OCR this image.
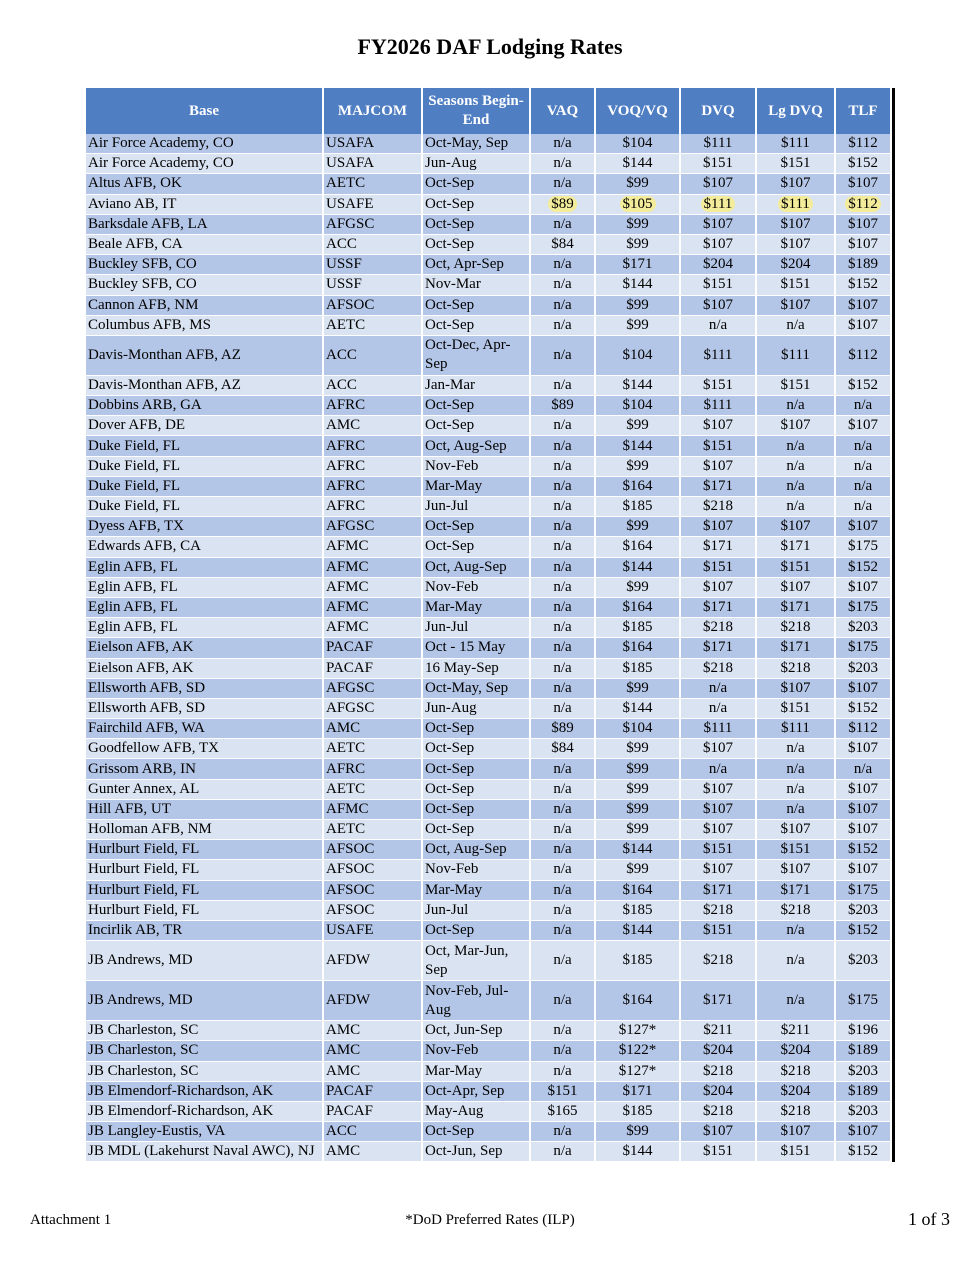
FY2026 DAF Lodging Rates
Base	MAJCOM	Seasons Begin-End	VAQ	VOQ/VQ	DVQ	Lg DVQ	TLF
Air Force Academy, CO	USAFA	Oct-May, Sep	n/a	$104	$111	$111	$112
Air Force Academy, CO	USAFA	Jun-Aug	n/a	$144	$151	$151	$152
Altus AFB, OK	AETC	Oct-Sep	n/a	$99	$107	$107	$107
Aviano AB, IT	USAFE	Oct-Sep	$89	$105	$111	$111	$112
Barksdale AFB, LA	AFGSC	Oct-Sep	n/a	$99	$107	$107	$107
Beale AFB, CA	ACC	Oct-Sep	$84	$99	$107	$107	$107
Buckley SFB, CO	USSF	Oct, Apr-Sep	n/a	$171	$204	$204	$189
Buckley SFB, CO	USSF	Nov-Mar	n/a	$144	$151	$151	$152
Cannon AFB, NM	AFSOC	Oct-Sep	n/a	$99	$107	$107	$107
Columbus AFB, MS	AETC	Oct-Sep	n/a	$99	n/a	n/a	$107
Davis-Monthan AFB, AZ	ACC	Oct-Dec, Apr-Sep	n/a	$104	$111	$111	$112
Davis-Monthan AFB, AZ	ACC	Jan-Mar	n/a	$144	$151	$151	$152
Dobbins ARB, GA	AFRC	Oct-Sep	$89	$104	$111	n/a	n/a
Dover AFB, DE	AMC	Oct-Sep	n/a	$99	$107	$107	$107
Duke Field, FL	AFRC	Oct, Aug-Sep	n/a	$144	$151	n/a	n/a
Duke Field, FL	AFRC	Nov-Feb	n/a	$99	$107	n/a	n/a
Duke Field, FL	AFRC	Mar-May	n/a	$164	$171	n/a	n/a
Duke Field, FL	AFRC	Jun-Jul	n/a	$185	$218	n/a	n/a
Dyess AFB, TX	AFGSC	Oct-Sep	n/a	$99	$107	$107	$107
Edwards AFB, CA	AFMC	Oct-Sep	n/a	$164	$171	$171	$175
Eglin AFB, FL	AFMC	Oct, Aug-Sep	n/a	$144	$151	$151	$152
Eglin AFB, FL	AFMC	Nov-Feb	n/a	$99	$107	$107	$107
Eglin AFB, FL	AFMC	Mar-May	n/a	$164	$171	$171	$175
Eglin AFB, FL	AFMC	Jun-Jul	n/a	$185	$218	$218	$203
Eielson AFB, AK	PACAF	Oct - 15 May	n/a	$164	$171	$171	$175
Eielson AFB, AK	PACAF	16 May-Sep	n/a	$185	$218	$218	$203
Ellsworth AFB, SD	AFGSC	Oct-May, Sep	n/a	$99	n/a	$107	$107
Ellsworth AFB, SD	AFGSC	Jun-Aug	n/a	$144	n/a	$151	$152
Fairchild AFB, WA	AMC	Oct-Sep	$89	$104	$111	$111	$112
Goodfellow AFB, TX	AETC	Oct-Sep	$84	$99	$107	n/a	$107
Grissom ARB, IN	AFRC	Oct-Sep	n/a	$99	n/a	n/a	n/a
Gunter Annex, AL	AETC	Oct-Sep	n/a	$99	$107	n/a	$107
Hill AFB, UT	AFMC	Oct-Sep	n/a	$99	$107	n/a	$107
Holloman AFB, NM	AETC	Oct-Sep	n/a	$99	$107	$107	$107
Hurlburt Field, FL	AFSOC	Oct, Aug-Sep	n/a	$144	$151	$151	$152
Hurlburt Field, FL	AFSOC	Nov-Feb	n/a	$99	$107	$107	$107
Hurlburt Field, FL	AFSOC	Mar-May	n/a	$164	$171	$171	$175
Hurlburt Field, FL	AFSOC	Jun-Jul	n/a	$185	$218	$218	$203
Incirlik AB, TR	USAFE	Oct-Sep	n/a	$144	$151	n/a	$152
JB Andrews, MD	AFDW	Oct, Mar-Jun, Sep	n/a	$185	$218	n/a	$203
JB Andrews, MD	AFDW	Nov-Feb, Jul-Aug	n/a	$164	$171	n/a	$175
JB Charleston, SC	AMC	Oct, Jun-Sep	n/a	$127*	$211	$211	$196
JB Charleston, SC	AMC	Nov-Feb	n/a	$122*	$204	$204	$189
JB Charleston, SC	AMC	Mar-May	n/a	$127*	$218	$218	$203
JB Elmendorf-Richardson, AK	PACAF	Oct-Apr, Sep	$151	$171	$204	$204	$189
JB Elmendorf-Richardson, AK	PACAF	May-Aug	$165	$185	$218	$218	$203
JB Langley-Eustis, VA	ACC	Oct-Sep	n/a	$99	$107	$107	$107
JB MDL (Lakehurst Naval AWC), NJ	AMC	Oct-Jun, Sep	n/a	$144	$151	$151	$152
Attachment 1	*DoD Preferred Rates (ILP)	1 of 3
